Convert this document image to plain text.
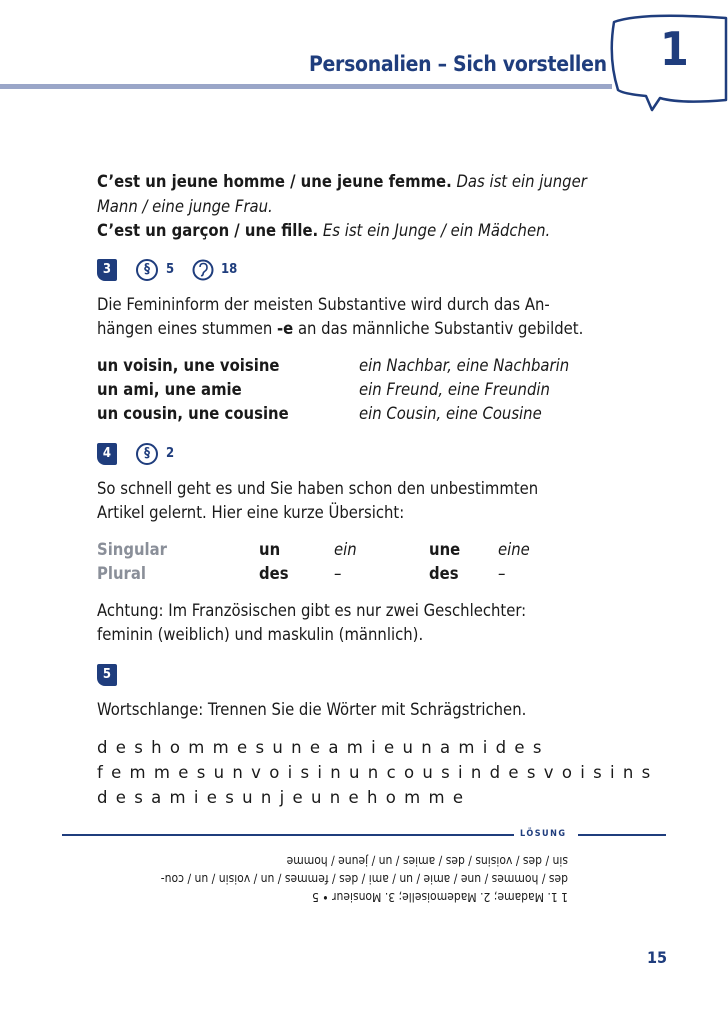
Personalien – Sich vorstellen 1
C’est un jeune homme / une jeune femme. Das ist ein junger
Mann / eine junge Frau.
C’est un garçon / une fille. Es ist ein Junge / ein Mädchen.
3	§	5	18
Die Femininform der meisten Substantive wird durch das An-
hängen eines stummen -e an das männliche Substantiv gebildet.
un voisin, une voisine	ein Nachbar, eine Nachbarin
un ami, une amie	ein Freund, eine Freundin
un cousin, une cousine	ein Cousin, eine Cousine
4	§	2
So schnell geht es und Sie haben schon den unbestimmten
Artikel gelernt. Hier eine kurze Übersicht:
Singular	un	ein	une eine
Plural	des	–	des –
Achtung: Im Französischen gibt es nur zwei Geschlechter:
feminin (weiblich) und maskulin (männlich).
5
Wortschlange: Trennen Sie die Wörter mit Schrägstrichen.
deshommesuneamieunamides
femmesunvoisinuncousindesvoisins
desamiesunjeunehomme
LÖSUNG
1 1. Madame; 2. Mademoiselle; 3. Monsieur • 5
des / hommes / une / amie / un / ami / des / femmes / un / voisin / un / cou-
sin / des / voisins / des / amies / un / jeune / homme
15
